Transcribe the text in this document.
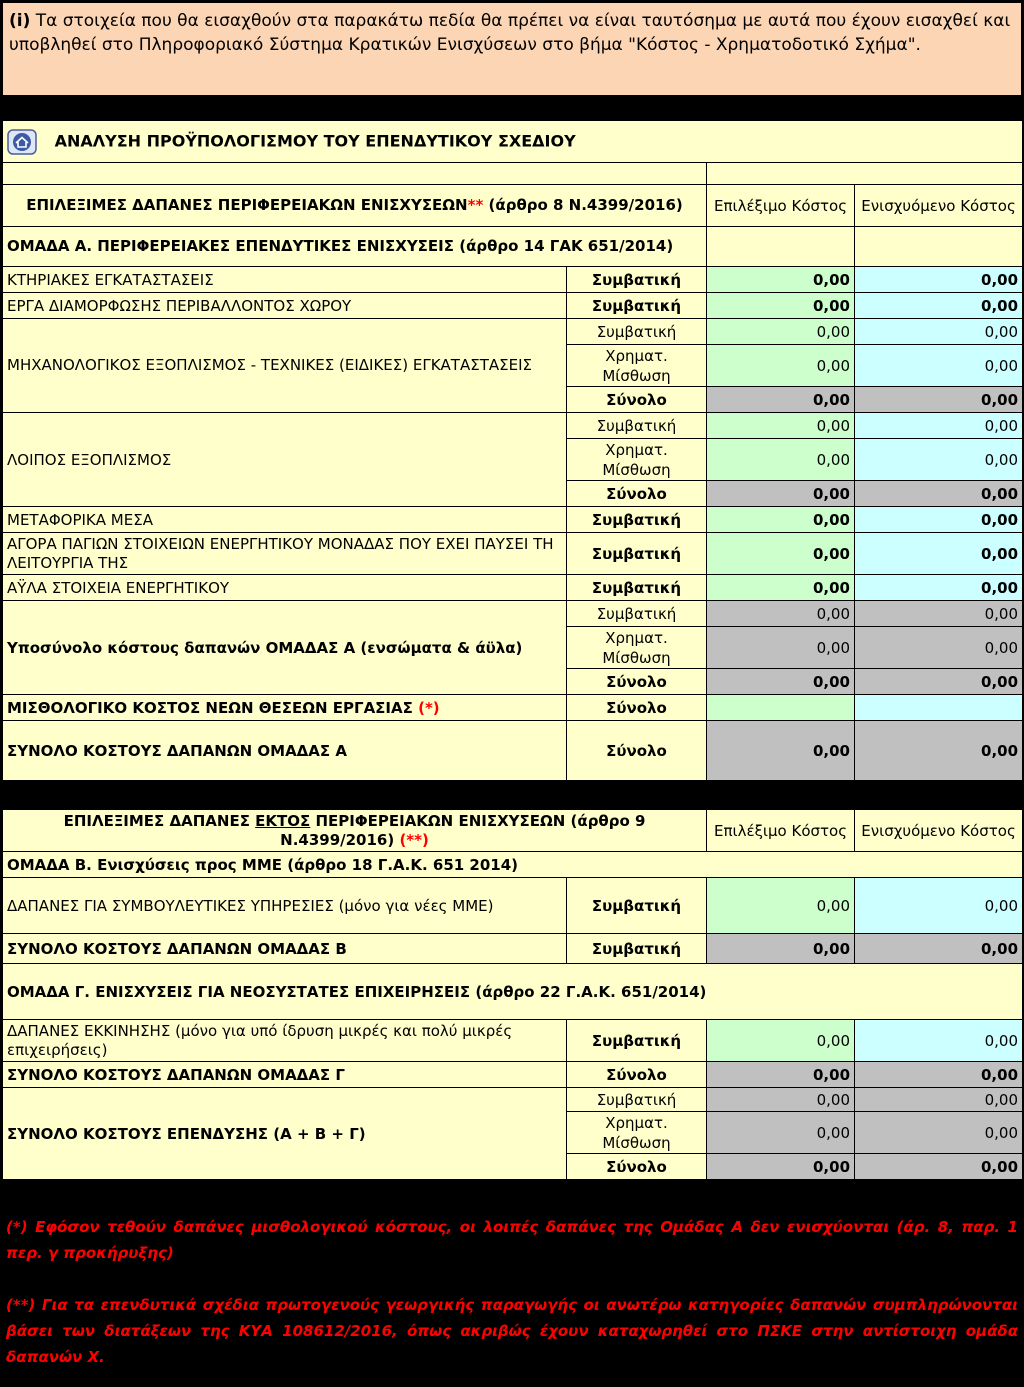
(i) Τα στοιχεία που θα εισαχθούν στα παρακάτω πεδία θα πρέπει να είναι ταυτόσημα με αυτά που έχουν εισαχθεί και υποβληθεί στο Πληροφοριακό Σύστημα Κρατικών Ενισχύσεων στο βήμα "Κόστος - Χρηματοδοτικό Σχήμα".
ΑΝΑΛΥΣΗ ΠΡΟΫΠΟΛΟΓΙΣΜΟΥ ΤΟΥ ΕΠΕΝΔΥΤΙΚΟΥ ΣΧΕΔΙΟΥ			

ΕΠΙΛΕΞΙΜΕΣ ΔΑΠΑΝΕΣ ΠΕΡΙΦΕΡΕΙΑΚΩΝ ΕΝΙΣΧΥΣΕΩΝ** (άρθρο 8 Ν.4399/2016)		Επιλέξιμο Κόστος	Ενισχυόμενο Κόστος
ΟΜΑΔΑ Α. ΠΕΡΙΦΕΡΕΙΑΚΕΣ ΕΠΕΝΔΥΤΙΚΕΣ ΕΝΙΣΧΥΣΕΙΣ (άρθρο 14 ΓΑΚ 651/2014)			
ΚΤΗΡΙΑΚΕΣ ΕΓΚΑΤΑΣΤΑΣΕΙΣ	Συμβατική	0,00	0,00
ΕΡΓΑ ΔΙΑΜΟΡΦΩΣΗΣ ΠΕΡΙΒΑΛΛΟΝΤΟΣ ΧΩΡΟΥ	Συμβατική	0,00	0,00
ΜΗΧΑΝΟΛΟΓΙΚΟΣ ΕΞΟΠΛΙΣΜΟΣ - ΤΕΧΝΙΚΕΣ (ΕΙΔΙΚΕΣ) ΕΓΚΑΤΑΣΤΑΣΕΙΣ	Συμβατική	0,00	0,00
	Χρηματ. Μίσθωση	0,00	0,00
	Σύνολο	0,00	0,00
ΛΟΙΠΟΣ ΕΞΟΠΛΙΣΜΟΣ	Συμβατική	0,00	0,00
	Χρηματ. Μίσθωση	0,00	0,00
	Σύνολο	0,00	0,00
ΜΕΤΑΦΟΡΙΚΑ ΜΕΣΑ	Συμβατική	0,00	0,00
ΑΓΟΡΑ ΠΑΓΙΩΝ ΣΤΟΙΧΕΙΩΝ ΕΝΕΡΓΗΤΙΚΟΥ ΜΟΝΑΔΑΣ ΠΟΥ ΕΧΕΙ ΠΑΥΣΕΙ ΤΗ ΛΕΙΤΟΥΡΓΙΑ ΤΗΣ	Συμβατική	0,00	0,00
ΑΫΛΑ ΣΤΟΙΧΕΙΑ ΕΝΕΡΓΗΤΙΚΟΥ	Συμβατική	0,00	0,00
Υποσύνολο κόστους δαπανών ΟΜΑΔΑΣ Α (ενσώματα & άϋλα)	Συμβατική	0,00	0,00
	Χρηματ. Μίσθωση	0,00	0,00
	Σύνολο	0,00	0,00
ΜΙΣΘΟΛΟΓΙΚΟ ΚΟΣΤΟΣ ΝΕΩΝ ΘΕΣΕΩΝ ΕΡΓΑΣΙΑΣ (*)	Σύνολο		
ΣΥΝΟΛΟ ΚΟΣΤΟΥΣ ΔΑΠΑΝΩΝ ΟΜΑΔΑΣ Α	Σύνολο	0,00	0,00
ΕΠΙΛΕΞΙΜΕΣ ΔΑΠΑΝΕΣ ΕΚΤΟΣ ΠΕΡΙΦΕΡΕΙΑΚΩΝ ΕΝΙΣΧΥΣΕΩΝ (άρθρο 9 Ν.4399/2016) (**)		Επιλέξιμο Κόστος	Ενισχυόμενο Κόστος
ΟΜΑΔΑ Β. Ενισχύσεις προς ΜΜΕ (άρθρο 18 Γ.Α.Κ. 651 2014)			
ΔΑΠΑΝΕΣ ΓΙΑ ΣΥΜΒΟΥΛΕΥΤΙΚΕΣ ΥΠΗΡΕΣΙΕΣ (μόνο για νέες ΜΜΕ)	Συμβατική	0,00	0,00
ΣΥΝΟΛΟ ΚΟΣΤΟΥΣ ΔΑΠΑΝΩΝ ΟΜΑΔΑΣ Β	Συμβατική	0,00	0,00
ΟΜΑΔΑ Γ. ΕΝΙΣΧΥΣΕΙΣ ΓΙΑ ΝΕΟΣΥΣΤΑΤΕΣ ΕΠΙΧΕΙΡΗΣΕΙΣ (άρθρο 22 Γ.Α.Κ. 651/2014)			
ΔΑΠΑΝΕΣ ΕΚΚΙΝΗΣΗΣ (μόνο για υπό ίδρυση μικρές και πολύ μικρές επιχειρήσεις)	Συμβατική	0,00	0,00
ΣΥΝΟΛΟ ΚΟΣΤΟΥΣ ΔΑΠΑΝΩΝ ΟΜΑΔΑΣ Γ	Σύνολο	0,00	0,00
ΣΥΝΟΛΟ ΚΟΣΤΟΥΣ ΕΠΕΝΔΥΣΗΣ (Α + Β + Γ)	Συμβατική	0,00	0,00
	Χρηματ. Μίσθωση	0,00	0,00
	Σύνολο	0,00	0,00
(*) Εφόσον τεθούν δαπάνες μισθολογικού κόστους, οι λοιπές δαπάνες της Ομάδας Α δεν ενισχύονται (άρ. 8, παρ. 1 περ. γ προκήρυξης)
(**) Για τα επενδυτικά σχέδια πρωτογενούς γεωργικής παραγωγής οι ανωτέρω κατηγορίες δαπανών συμπληρώνονται βάσει των διατάξεων της ΚΥΑ 108612/2016, όπως ακριβώς έχουν καταχωρηθεί στο ΠΣΚΕ στην αντίστοιχη ομάδα δαπανών Χ.
